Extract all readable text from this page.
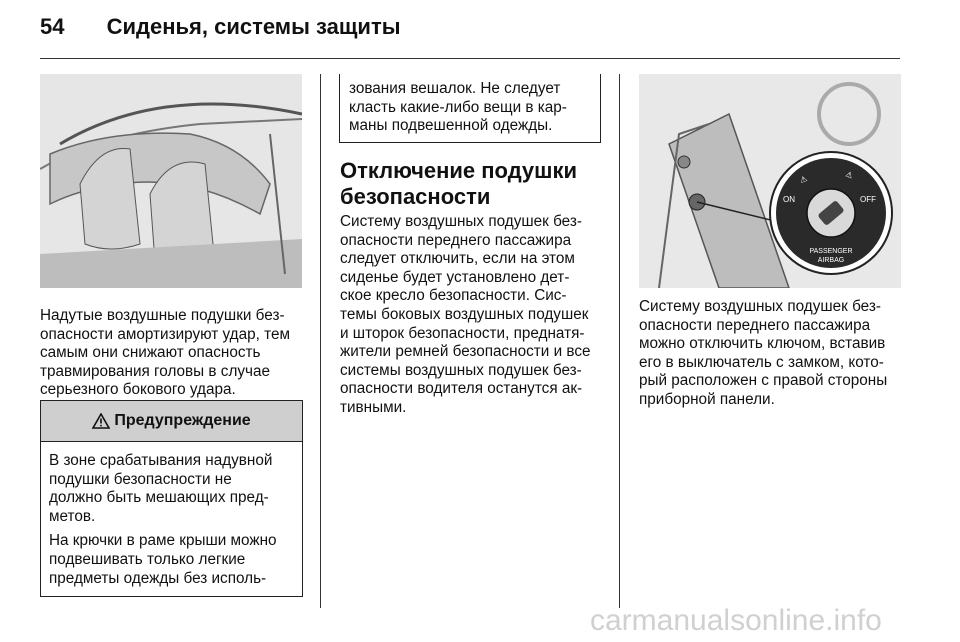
54 Сиденья, системы защиты
Надутые воздушные подушки без-
опасности амортизируют удар, тем
самым они снижают опасность
травмирования головы в случае
серьезного бокового удара.
Предупреждение

В зоне срабатывания надувной
подушки безопасности не
должно быть мешающих пред-
метов.

На крючки в раме крыши можно
подвешивать только легкие
предметы одежды без исполь-

зования вешалок. Не следует
класть какие-либо вещи в кар-
маны подвешенной одежды.
Отключение подушки
безопасности
Систему воздушных подушек без-
опасности переднего пассажира
следует отключить, если на этом
сиденье будет установлено дет-
ское кресло безопасности. Сис-
темы боковых воздушных подушек
и шторок безопасности, преднатя-
жители ремней безопасности и все
системы воздушных подушек без-
опасности водителя останутся ак-
тивными.
⚠	⚠
ON	OFF
PASSENGER
AIRBAG
Систему воздушных подушек без-
опасности переднего пассажира
можно отключить ключом, вставив
его в выключатель с замком, кото-
рый расположен с правой стороны
приборной панели.
carmanualsonline.info
